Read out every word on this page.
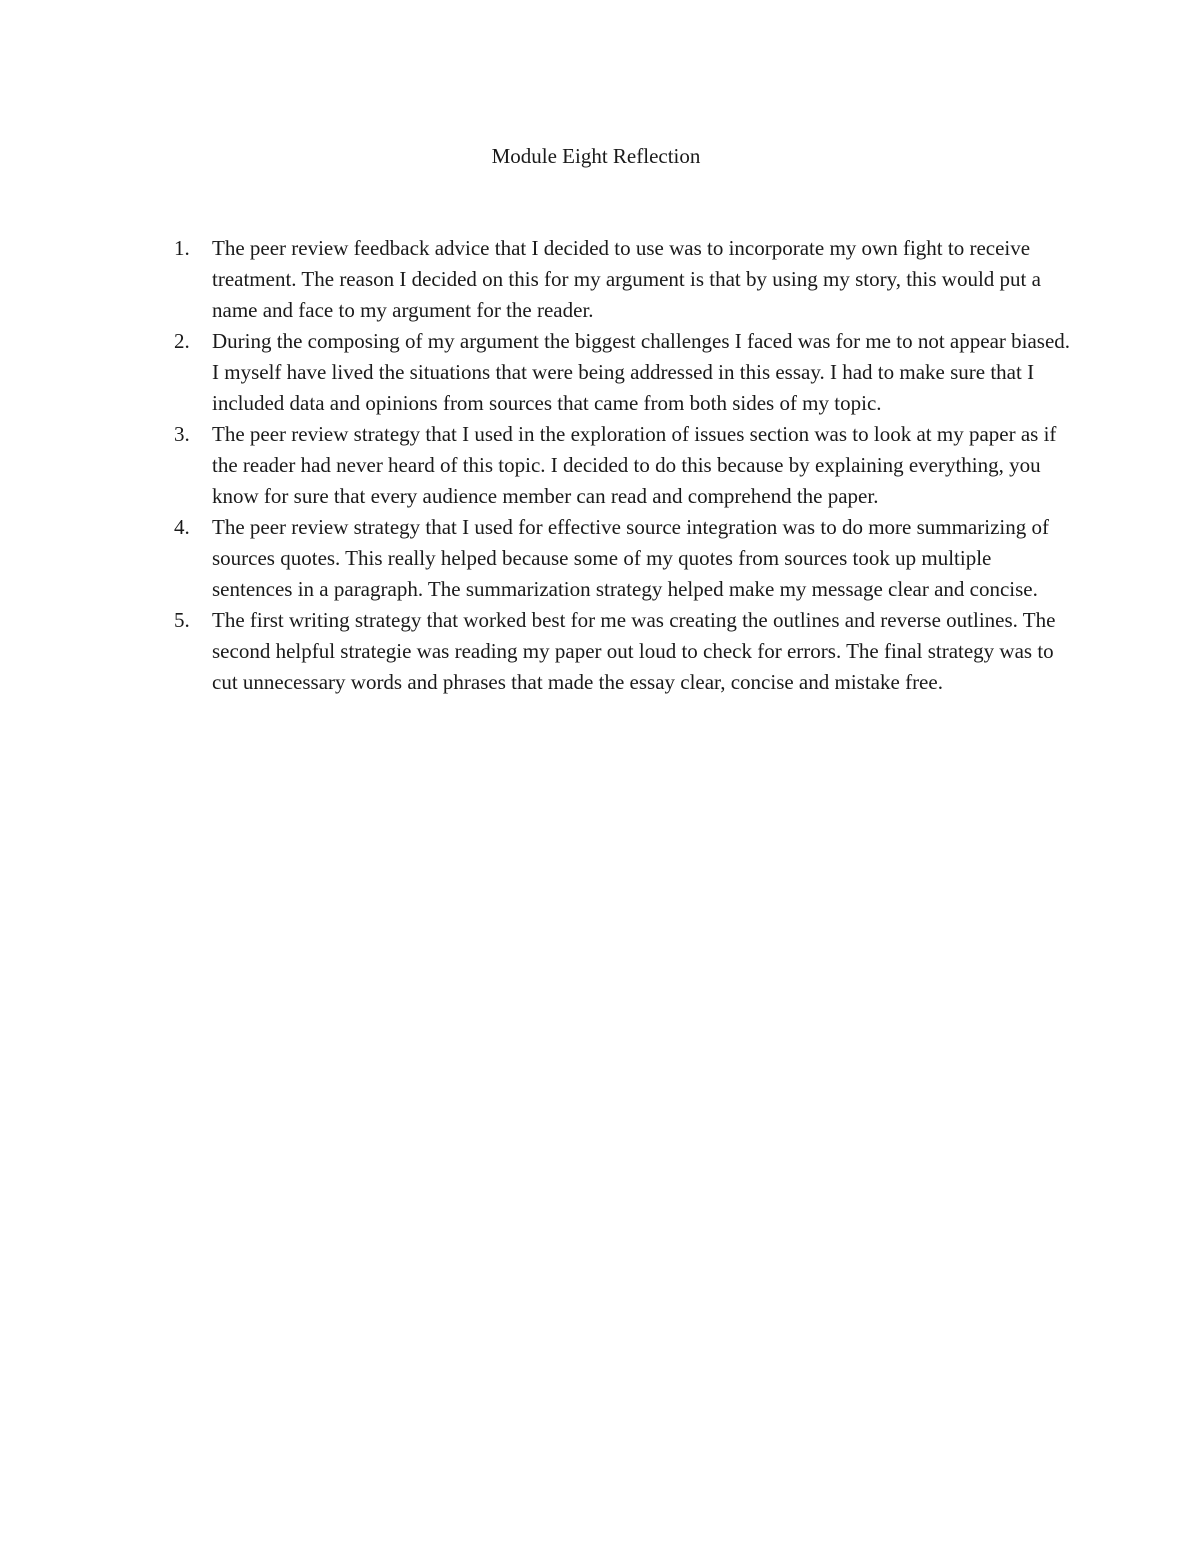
Module Eight Reflection
1.	The peer review feedback advice that I decided to use was to incorporate my own fight to receive treatment. The reason I decided on this for my argument is that by using my story, this would put a name and face to my argument for the reader.
2.	During the composing of my argument the biggest challenges I faced was for me to not appear biased. I myself have lived the situations that were being addressed in this essay. I had to make sure that I included data and opinions from sources that came from both sides of my topic.
3.	The peer review strategy that I used in the exploration of issues section was to look at my paper as if the reader had never heard of this topic. I decided to do this because by explaining everything, you know for sure that every audience member can read and comprehend the paper.
4.	The peer review strategy that I used for effective source integration was to do more summarizing of sources quotes. This really helped because some of my quotes from sources took up multiple sentences in a paragraph. The summarization strategy helped make my message clear and concise.
5.	The first writing strategy that worked best for me was creating the outlines and reverse outlines. The second helpful strategie was reading my paper out loud to check for errors. The final strategy was to cut unnecessary words and phrases that made the essay clear, concise and mistake free.
